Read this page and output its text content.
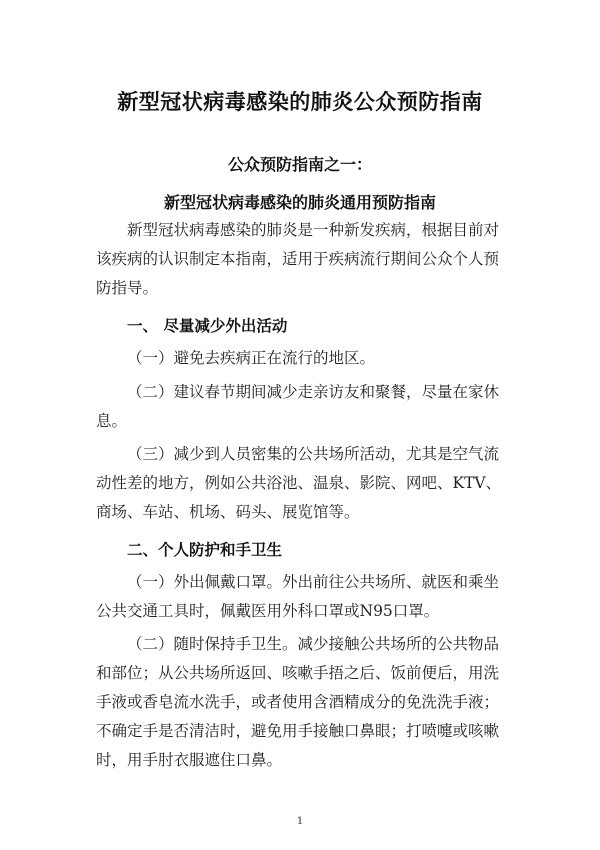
新型冠状病毒感染的肺炎公众预防指南
公众预防指南之一：
新型冠状病毒感染的肺炎通用预防指南
新型冠状病毒感染的肺炎是一种新发疾病，根据目前对
该疾病的认识制定本指南，适用于疾病流行期间公众个人预
防指导。
一、 尽量减少外出活动
（一）避免去疾病正在流行的地区。
（二）建议春节期间减少走亲访友和聚餐，尽量在家休
息。
（三）减少到人员密集的公共场所活动，尤其是空气流
动性差的地方，例如公共浴池、温泉、影院、网吧、KTV、
商场、车站、机场、码头、展览馆等。
二、个人防护和手卫生
（一）外出佩戴口罩。外出前往公共场所、就医和乘坐
公共交通工具时，佩戴医用外科口罩或N95口罩。
（二）随时保持手卫生。减少接触公共场所的公共物品
和部位；从公共场所返回、咳嗽手捂之后、饭前便后，用洗
手液或香皂流水洗手，或者使用含酒精成分的免洗洗手液；
不确定手是否清洁时，避免用手接触口鼻眼；打喷嚏或咳嗽
时，用手肘衣服遮住口鼻。
1
